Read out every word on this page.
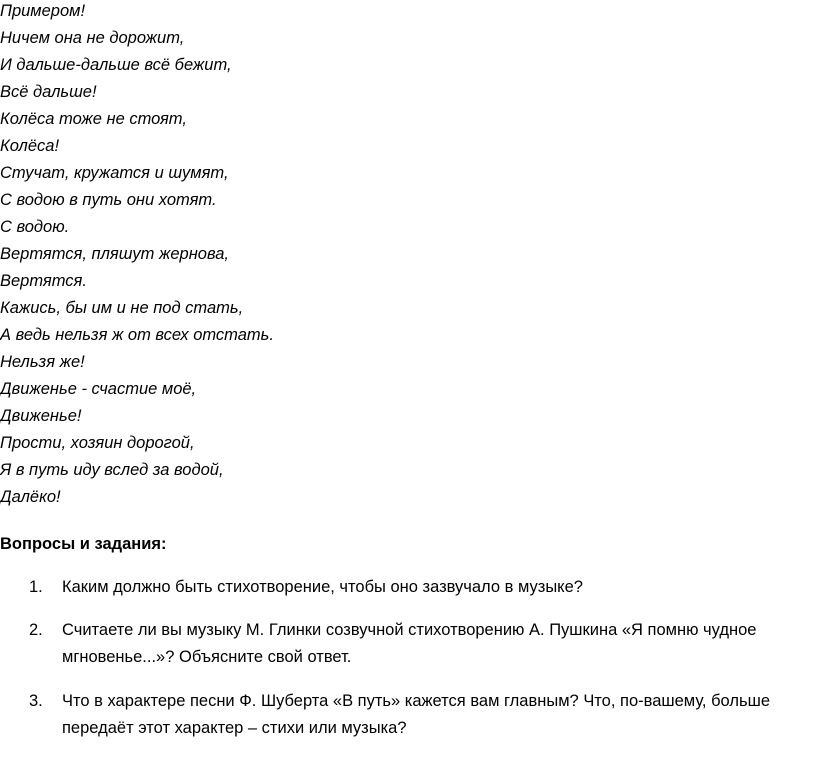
Примером!
Ничем она не дорожит,
И дальше-дальше всё бежит,
Всё дальше!
Колёса тоже не стоят,
Колёса!
Стучат, кружатся и шумят,
С водою в путь они хотят.
С водою.
Вертятся, пляшут жернова,
Вертятся.
Кажись, бы им и не под стать,
А ведь нельзя ж от всех отстать.
Нельзя же!
Движенье - счастие моё,
Движенье!
Прости, хозяин дорогой,
Я в путь иду вслед за водой,
Далёко!
Вопросы и задания:
1. Каким должно быть стихотворение, чтобы оно зазвучало в музыке?
2. Считаете ли вы музыку М. Глинки созвучной стихотворению А. Пушкина «Я помню чудное мгновенье...»? Объясните свой ответ.
3. Что в характере песни Ф. Шуберта «В путь» кажется вам главным? Что, по-вашему, больше передаёт этот характер – стихи или музыка?
